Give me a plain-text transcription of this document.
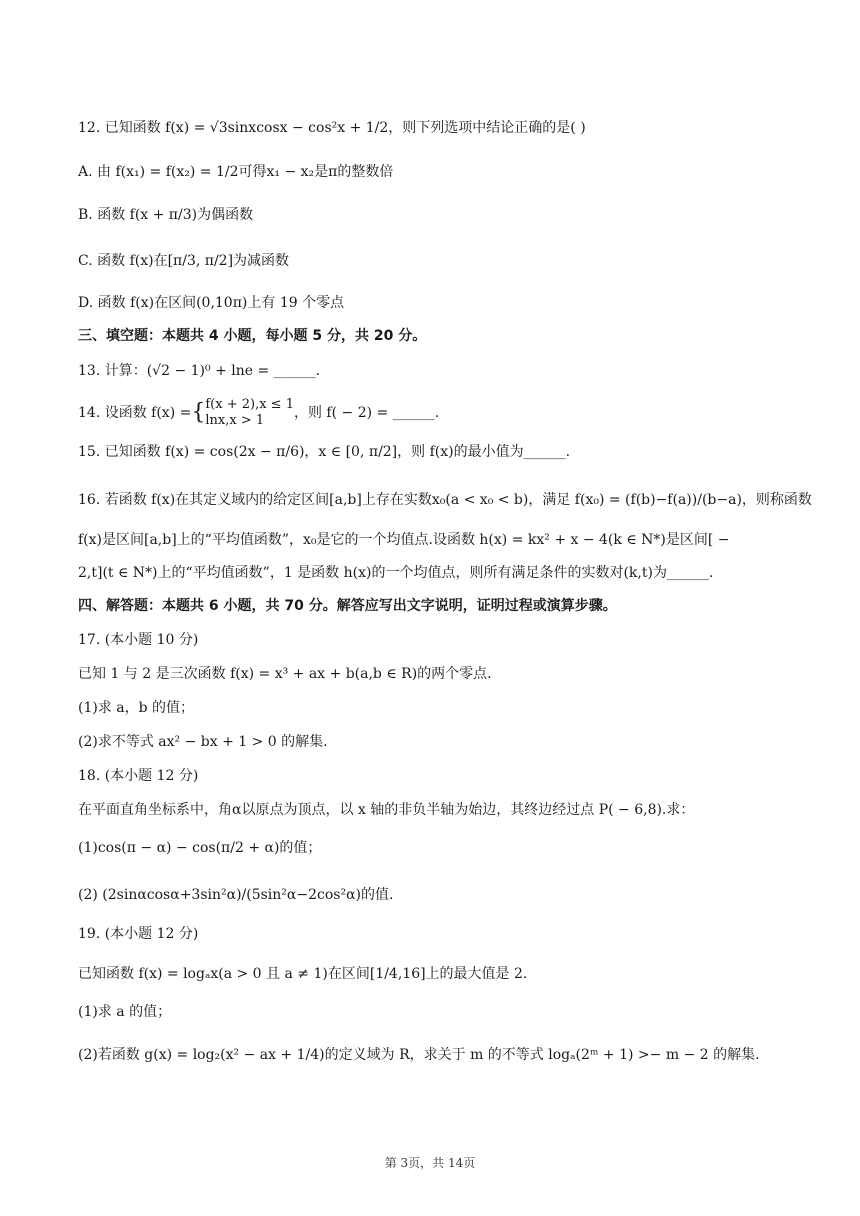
12. 已知函数 f(x) = √3sinxcosx − cos²x + 1/2，则下列选项中结论正确的是( )
A. 由 f(x₁) = f(x₂) = 1/2可得x₁ − x₂是π的整数倍
B. 函数 f(x + π/3)为偶函数
C. 函数 f(x)在[π/3, π/2]为减函数
D. 函数 f(x)在区间(0,10π)上有 19 个零点
三、填空题：本题共 4 小题，每小题 5 分，共 20 分。
13. 计算：(√2 − 1)⁰ + lne = ______.
14. 设函数 f(x) ={ f(x + 2),x ≤ 1
lnx,x > 1	，则 f( − 2) = ______.
15. 已知函数 f(x) = cos(2x − π/6)，x ∈ [0, π/2]，则 f(x)的最小值为______.
16. 若函数 f(x)在其定义域内的给定区间[a,b]上存在实数x₀(a < x₀ < b)，满足 f(x₀) = (f(b)−f(a))/(b−a)，则称函数
f(x)是区间[a,b]上的“平均值函数”，x₀是它的一个均值点.设函数 h(x) = kx² + x − 4(k ∈ N*)是区间[ −
2,t](t ∈ N*)上的“平均值函数”，1 是函数 h(x)的一个均值点，则所有满足条件的实数对(k,t)为______.
四、解答题：本题共 6 小题，共 70 分。解答应写出文字说明，证明过程或演算步骤。
17. (本小题 10 分)
已知 1 与 2 是三次函数 f(x) = x³ + ax + b(a,b ∈ R)的两个零点.
(1)求 a，b 的值；
(2)求不等式 ax² − bx + 1 > 0 的解集.
18. (本小题 12 分)
在平面直角坐标系中，角α以原点为顶点，以 x 轴的非负半轴为始边，其终边经过点 P( − 6,8).求：
(1)cos(π − α) − cos(π/2 + α)的值；
(2) (2sinαcosα+3sin²α)/(5sin²α−2cos²α)的值.
19. (本小题 12 分)
已知函数 f(x) = logₐx(a > 0 且 a ≠ 1)在区间[1/4,16]上的最大值是 2.
(1)求 a 的值；
(2)若函数 g(x) = log₂(x² − ax + 1/4)的定义域为 R，求关于 m 的不等式 logₐ(2ᵐ + 1) >− m − 2 的解集.
第 3页，共 14页
